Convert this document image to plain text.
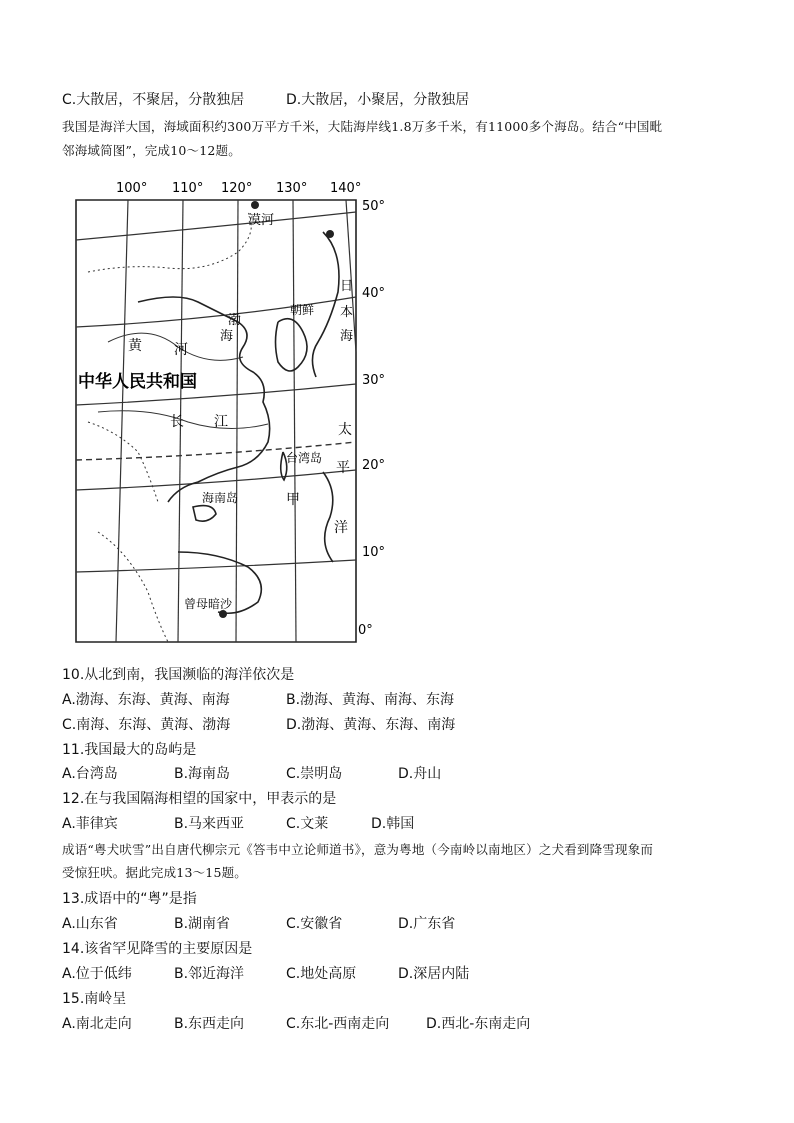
C.大散居，不聚居，分散独居	D.大散居，小聚居，分散独居
我国是海洋大国，海域面积约300万平方千米，大陆海岸线1.8万多千米，有11000多个海岛。结合“中国毗
邻海域简图”，完成10～12题。
100° 110° 120° 130° 140°
50°
40°
30°
20°
10°
0°
漠河
渤
海
朝鲜
黄 河
中华人民共和国
长 江
台湾岛
海南岛	甲
曾母暗沙
日
本
海
太
平
洋
10.从北到南，我国濒临的海洋依次是
A.渤海、东海、黄海、南海	B.渤海、黄海、南海、东海
C.南海、东海、黄海、渤海	D.渤海、黄海、东海、南海
11.我国最大的岛屿是
A.台湾岛	B.海南岛	C.崇明岛	D.舟山
12.在与我国隔海相望的国家中，甲表示的是
A.菲律宾	B.马来西亚	C.文莱	D.韩国
成语“粤犬吠雪”出自唐代柳宗元《答韦中立论师道书》，意为粤地（今南岭以南地区）之犬看到降雪现象而
受惊狂吠。据此完成13～15题。
13.成语中的“粤”是指
A.山东省	B.湖南省	C.安徽省	D.广东省
14.该省罕见降雪的主要原因是
A.位于低纬	B.邻近海洋	C.地处高原	D.深居内陆
15.南岭呈
A.南北走向	B.东西走向	C.东北-西南走向	D.西北-东南走向
